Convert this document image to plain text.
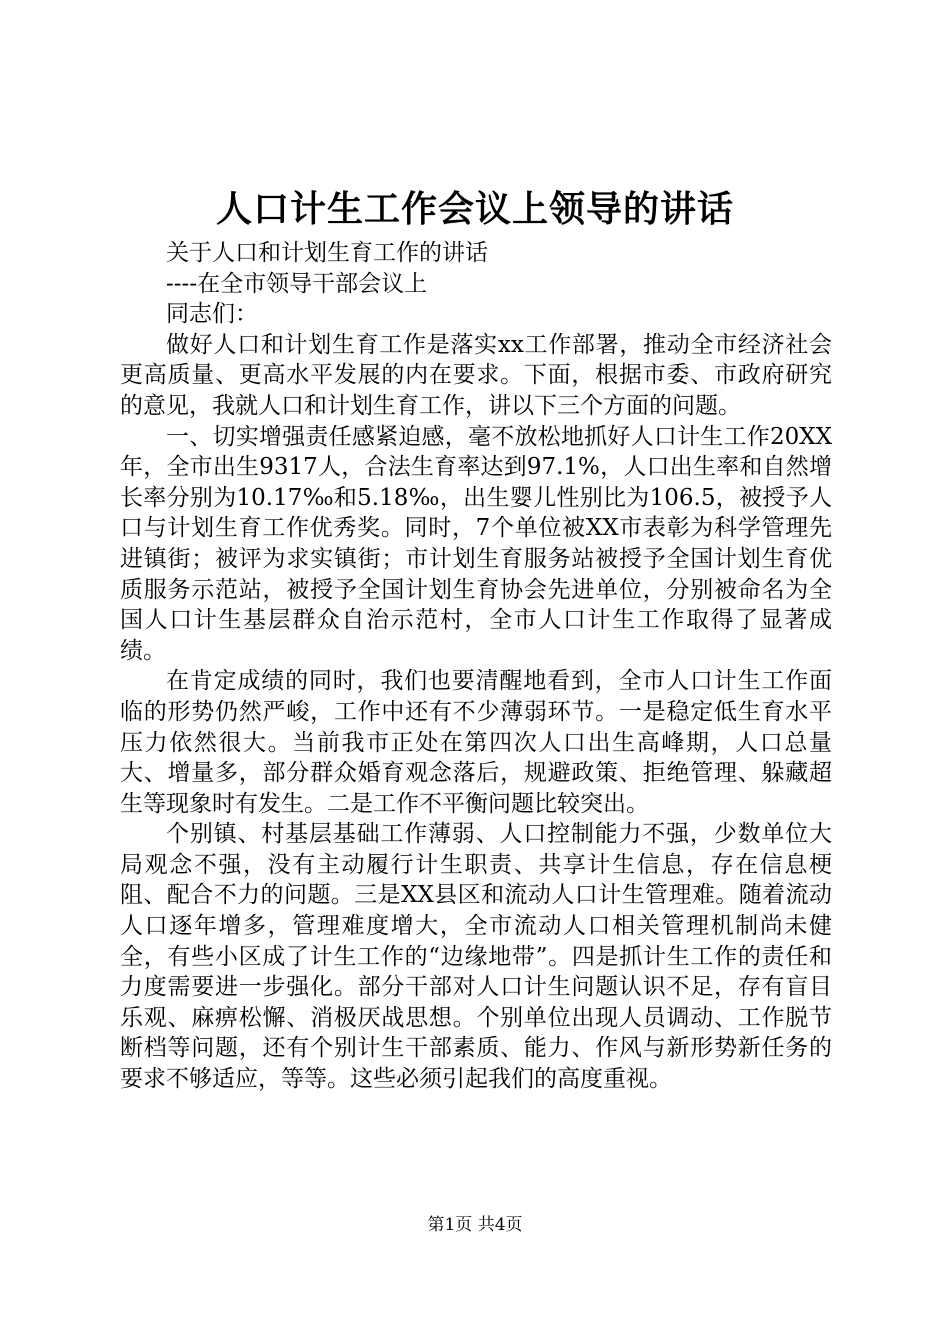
人口计生工作会议上领导的讲话

关于人口和计划生育工作的讲话

----在全市领导干部会议上

同志们：

做好人口和计划生育工作是落实xx工作部署，推动全市经济社会更高质量、更高水平发展的内在要求。下面，根据市委、市政府研究的意见，我就人口和计划生育工作，讲以下三个方面的问题。

一、切实增强责任感紧迫感，毫不放松地抓好人口计生工作20XX年，全市出生9317人，合法生育率达到97.1%，人口出生率和自然增长率分别为10.17‰和5.18‰，出生婴儿性别比为106.5，被授予人口与计划生育工作优秀奖。同时，7个单位被XX市表彰为科学管理先进镇街；被评为求实镇街；市计划生育服务站被授予全国计划生育优质服务示范站，被授予全国计划生育协会先进单位，分别被命名为全国人口计生基层群众自治示范村，全市人口计生工作取得了显著成绩。

在肯定成绩的同时，我们也要清醒地看到，全市人口计生工作面临的形势仍然严峻，工作中还有不少薄弱环节。一是稳定低生育水平压力依然很大。当前我市正处在第四次人口出生高峰期，人口总量大、增量多，部分群众婚育观念落后，规避政策、拒绝管理、躲藏超生等现象时有发生。二是工作不平衡问题比较突出。

个别镇、村基层基础工作薄弱、人口控制能力不强，少数单位大局观念不强，没有主动履行计生职责、共享计生信息，存在信息梗阻、配合不力的问题。三是XX县区和流动人口计生管理难。随着流动人口逐年增多，管理难度增大，全市流动人口相关管理机制尚未健全，有些小区成了计生工作的“边缘地带”。四是抓计生工作的责任和力度需要进一步强化。部分干部对人口计生问题认识不足，存有盲目乐观、麻痹松懈、消极厌战思想。个别单位出现人员调动、工作脱节断档等问题，还有个别计生干部素质、能力、作风与新形势新任务的要求不够适应，等等。这些必须引起我们的高度重视。

第1页 共4页
